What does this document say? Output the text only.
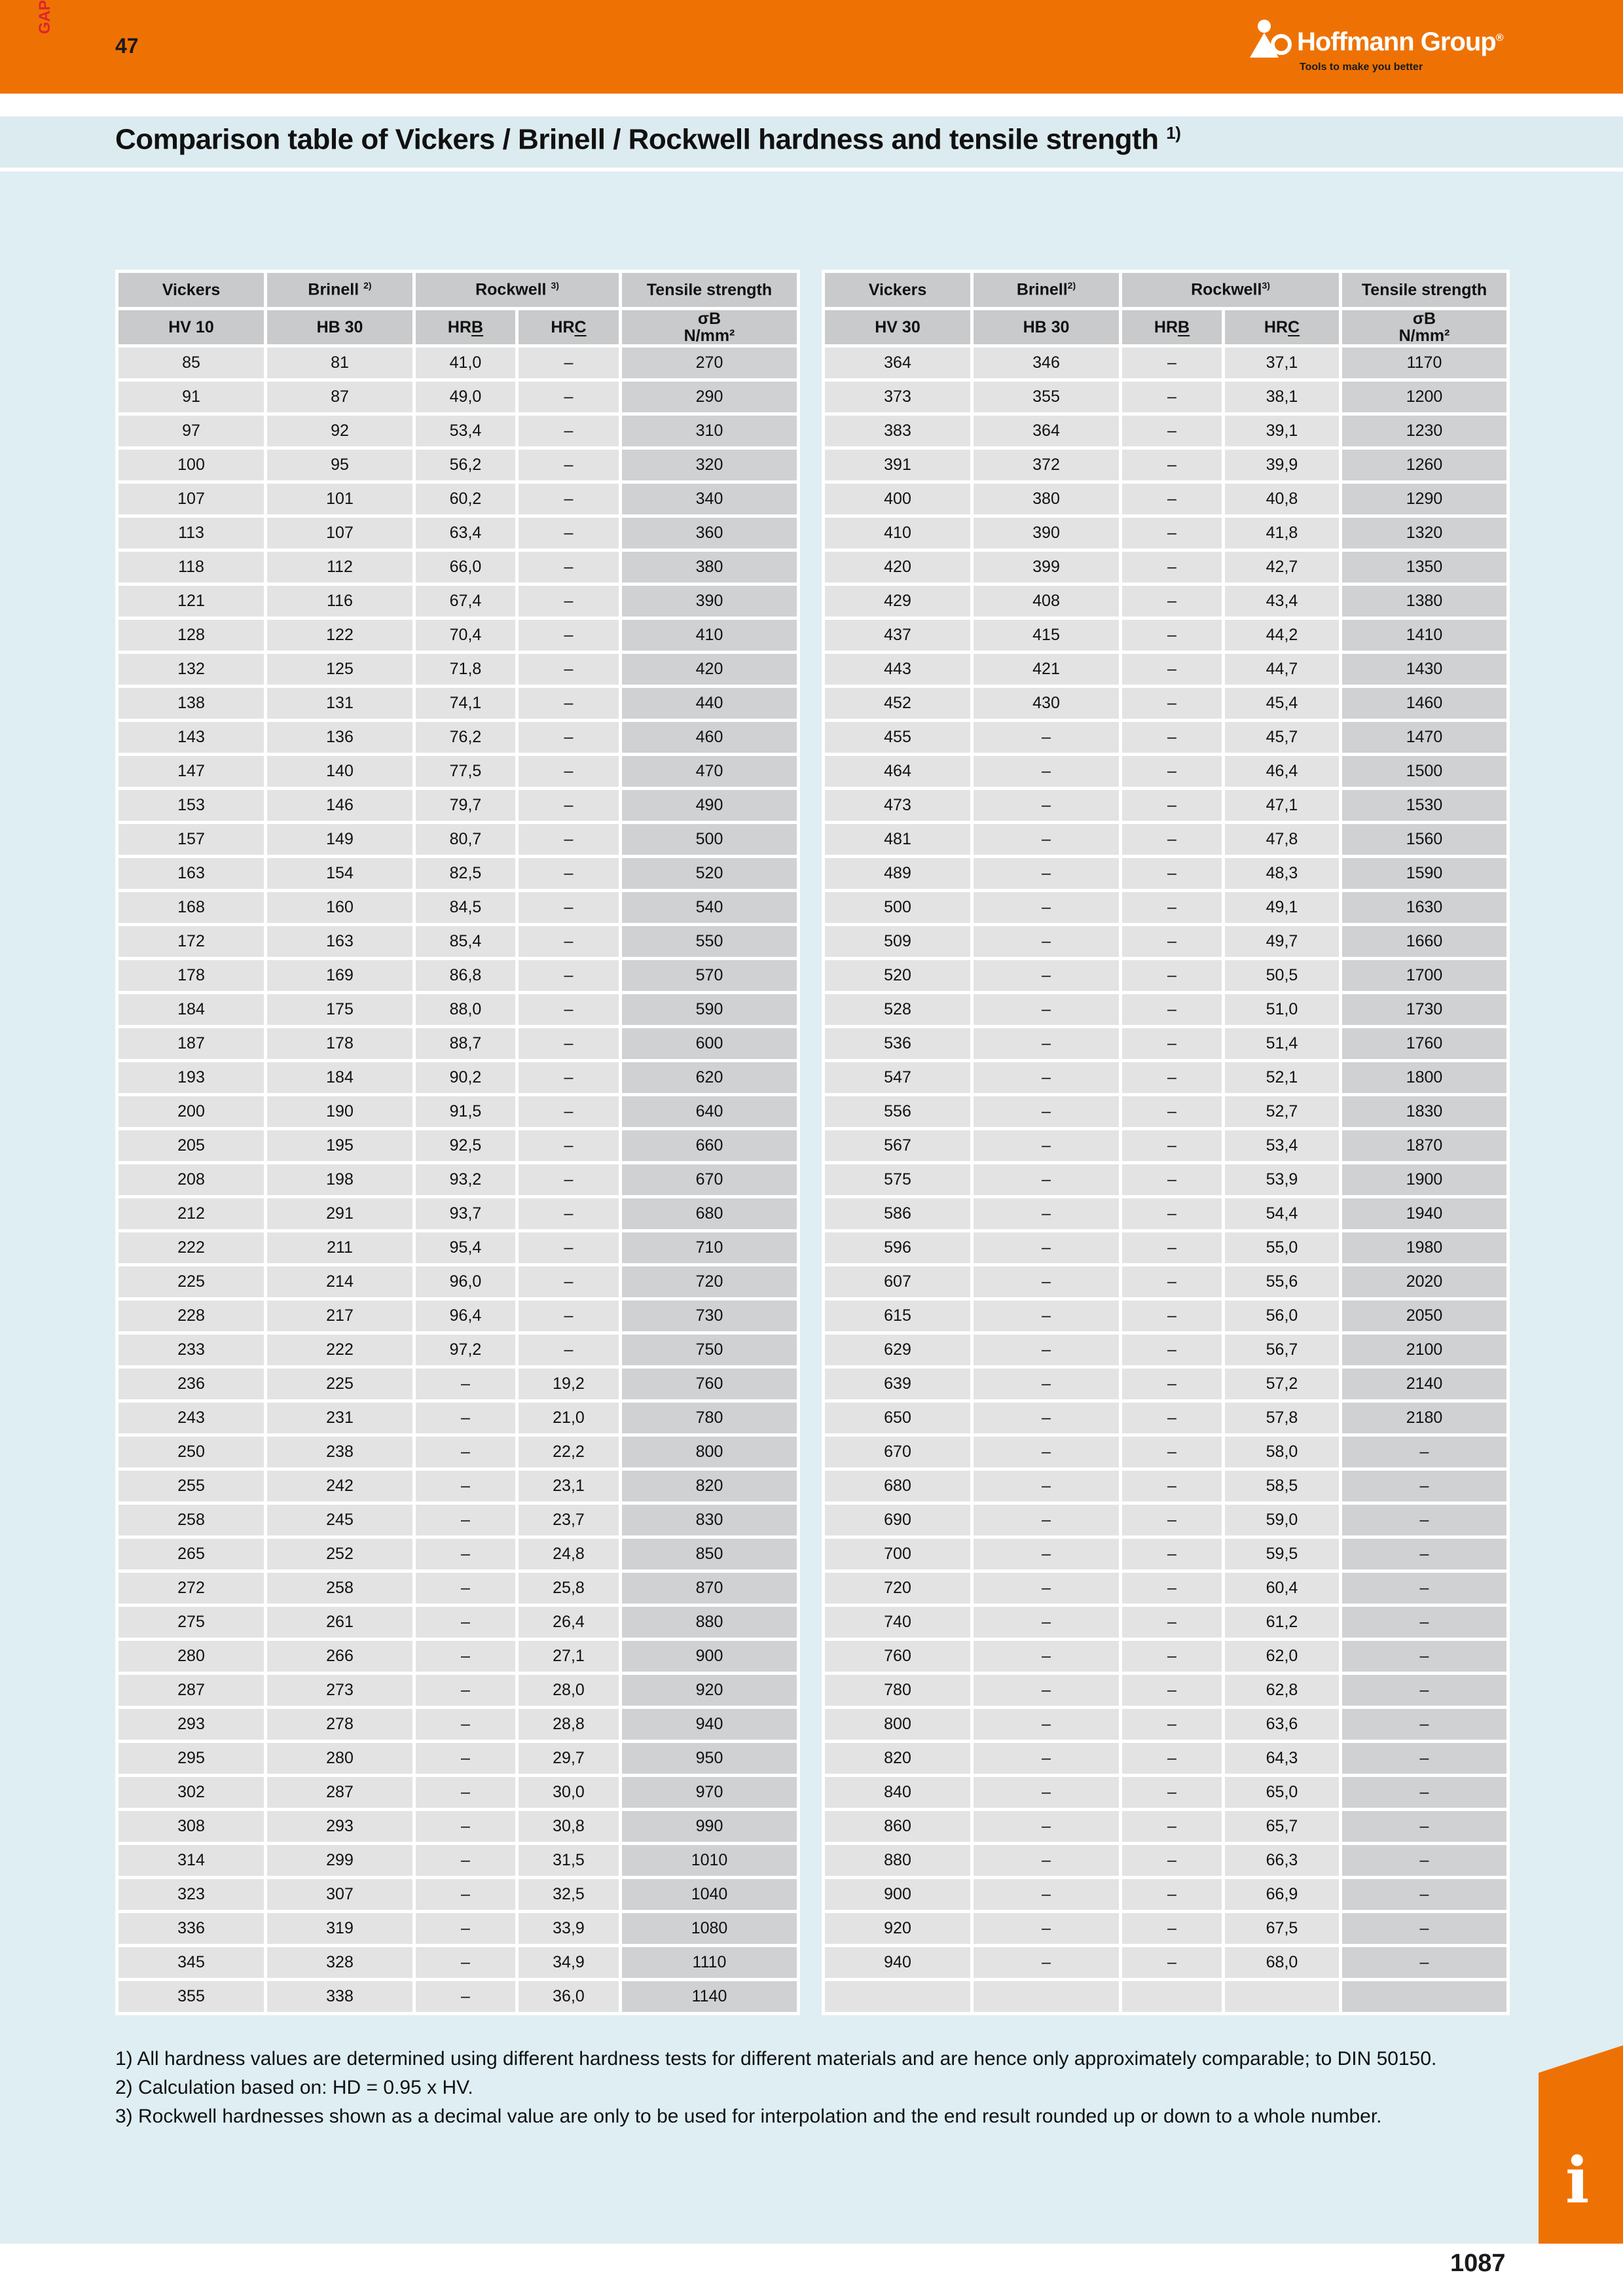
GAP
47	Hoffmann Group®
Tools to make you better
Comparison table of Vickers / Brinell / Rockwell hardness and tensile strength $^{1)}$
Vickers	Brinell $^{2)}$	Rockwell $^{3)}$		Tensile strength
HV 10	HB 30	HRB	HRC	σB
N/mm²

85	81	41,0	–	270
91	87	49,0	–	290
97	92	53,4	–	310
100	95	56,2	–	320
107	101	60,2	–	340
113	107	63,4	–	360
118	112	66,0	–	380
121	116	67,4	–	390
128	122	70,4	–	410
132	125	71,8	–	420
138	131	74,1	–	440
143	136	76,2	–	460
147	140	77,5	–	470
153	146	79,7	–	490
157	149	80,7	–	500
163	154	82,5	–	520
168	160	84,5	–	540
172	163	85,4	–	550
178	169	86,8	–	570
184	175	88,0	–	590
187	178	88,7	–	600
193	184	90,2	–	620
200	190	91,5	–	640
205	195	92,5	–	660
208	198	93,2	–	670
212	291	93,7	–	680
222	211	95,4	–	710
225	214	96,0	–	720
228	217	96,4	–	730
233	222	97,2	–	750
236	225	–	19,2	760
243	231	–	21,0	780
250	238	–	22,2	800
255	242	–	23,1	820
258	245	–	23,7	830
265	252	–	24,8	850
272	258	–	25,8	870
275	261	–	26,4	880
280	266	–	27,1	900
287	273	–	28,0	920
293	278	–	28,8	940
295	280	–	29,7	950
302	287	–	30,0	970
308	293	–	30,8	990
314	299	–	31,5	1010
323	307	–	32,5	1040
336	319	–	33,9	1080
345	328	–	34,9	1110
355	338	–	36,0	1140
Vickers	Brinell$^{2)}$	Rockwell$^{3)}$		Tensile strength
HV 30	HB 30	HRB	HRC	σB
N/mm²

364	346	–	37,1	1170
373	355	–	38,1	1200
383	364	–	39,1	1230
391	372	–	39,9	1260
400	380	–	40,8	1290
410	390	–	41,8	1320
420	399	–	42,7	1350
429	408	–	43,4	1380
437	415	–	44,2	1410
443	421	–	44,7	1430
452	430	–	45,4	1460
455	–	–	45,7	1470
464	–	–	46,4	1500
473	–	–	47,1	1530
481	–	–	47,8	1560
489	–	–	48,3	1590
500	–	–	49,1	1630
509	–	–	49,7	1660
520	–	–	50,5	1700
528	–	–	51,0	1730
536	–	–	51,4	1760
547	–	–	52,1	1800
556	–	–	52,7	1830
567	–	–	53,4	1870
575	–	–	53,9	1900
586	–	–	54,4	1940
596	–	–	55,0	1980
607	–	–	55,6	2020
615	–	–	56,0	2050
629	–	–	56,7	2100
639	–	–	57,2	2140
650	–	–	57,8	2180
670	–	–	58,0	–
680	–	–	58,5	–
690	–	–	59,0	–
700	–	–	59,5	–
720	–	–	60,4	–
740	–	–	61,2	–
760	–	–	62,0	–
780	–	–	62,8	–
800	–	–	63,6	–
820	–	–	64,3	–
840	–	–	65,0	–
860	–	–	65,7	–
880	–	–	66,3	–
900	–	–	66,9	–
920	–	–	67,5	–
940	–	–	68,0	–

1) All hardness values are determined using different hardness tests for different materials and are hence only approximately comparable; to DIN 50150.
2) Calculation based on: HD = 0.95 x HV.
3) Rockwell hardnesses shown as a decimal value are only to be used for interpolation and the end result rounded up or down to a whole number.
i
1087
